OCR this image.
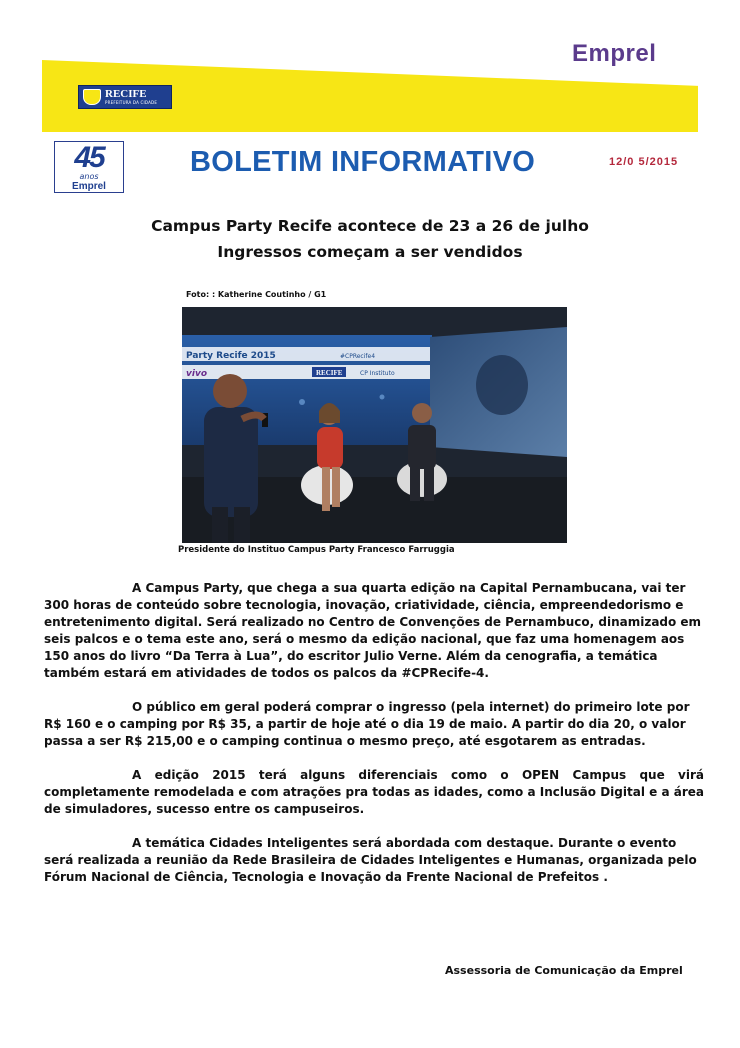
Emprel
RECIFE
PREFEITURA DA CIDADE
45
anos
Emprel
BOLETIM INFORMATIVO	12/0 5/2015
Campus Party Recife acontece de 23 a 26 de julho
Ingressos começam a ser vendidos
Foto: : Katherine Coutinho / G1
Party Recife 2015	#CPRecife4
vivo	RECIFE	CP Instituto
Presidente do Instituo Campus Party Francesco Farruggia

A Campus Party, que chega a sua quarta edição na Capital Pernambucana, vai ter 300 horas de conteúdo sobre tecnologia, inovação, criatividade, ciência, empreendedorismo e entretenimento digital. Será realizado no Centro de Convenções de Pernambuco, dinamizado em seis palcos e o tema este ano, será o mesmo da edição nacional, que faz uma homenagem aos 150 anos do livro “Da Terra à Lua”, do escritor Julio Verne. Além da cenografia, a temática também estará em atividades de todos os palcos da #CPRecife-4.

O público em geral poderá comprar o ingresso (pela internet) do primeiro lote por R$ 160 e o camping por R$ 35, a partir de hoje até o dia 19 de maio. A partir do dia 20, o valor passa a ser R$ 215,00 e o camping continua o mesmo preço, até esgotarem as entradas.

A edição 2015 terá alguns diferenciais como o OPEN Campus que virá completamente remodelada e com atrações pra todas as idades, como a Inclusão Digital e a área de simuladores, sucesso entre os campuseiros.

A temática Cidades Inteligentes será abordada com destaque. Durante o evento será realizada a reunião da Rede Brasileira de Cidades Inteligentes e Humanas, organizada pelo Fórum Nacional de Ciência, Tecnologia e Inovação da Frente Nacional de Prefeitos .

Assessoria de Comunicação da Emprel
